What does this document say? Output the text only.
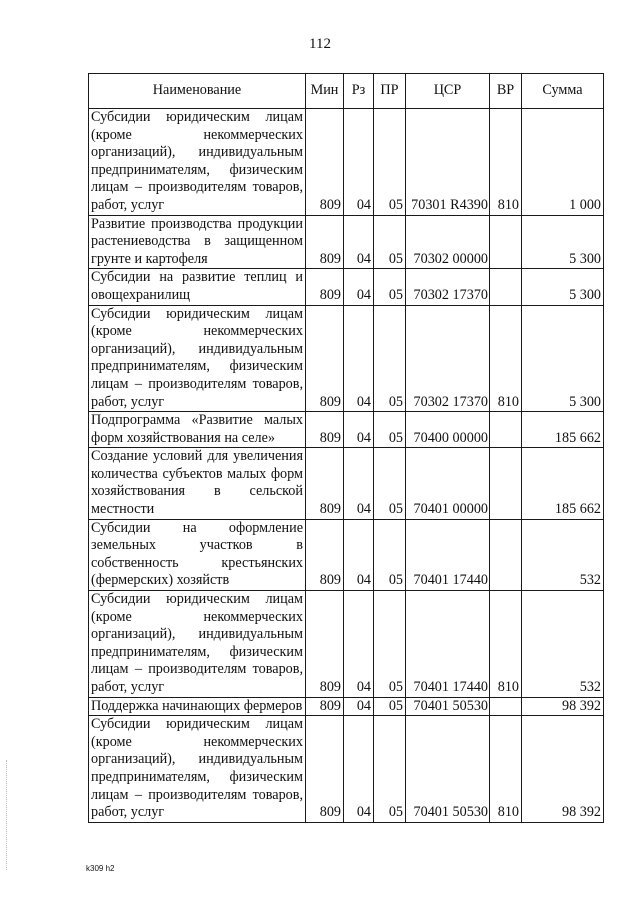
112
Наименование	Мин	Рз	ПР	ЦСР	ВР	Сумма
Субсидии юридическим лицам (кроме некоммерческих организаций), индивидуальным предпринимателям, физическим лицам – производителям товаров, работ, услуг	809	04	05	70301 R4390	810	1 000
Развитие производства продукции растениеводства в защищенном грунте и картофеля	809	04	05	70302 00000		5 300
Субсидии на развитие теплиц и овощехранилищ	809	04	05	70302 17370		5 300
Субсидии юридическим лицам (кроме некоммерческих организаций), индивидуальным предпринимателям, физическим лицам – производителям товаров, работ, услуг	809	04	05	70302 17370	810	5 300
Подпрограмма «Развитие малых форм хозяйствования на селе»	809	04	05	70400 00000		185 662
Создание условий для увеличения количества субъектов малых форм хозяйствования в сельской местности	809	04	05	70401 00000		185 662
Субсидии на оформление земельных участков в собственность крестьянских (фермерских) хозяйств	809	04	05	70401 17440		532
Субсидии юридическим лицам (кроме некоммерческих организаций), индивидуальным предпринимателям, физическим лицам – производителям товаров, работ, услуг	809	04	05	70401 17440	810	532
Поддержка начинающих фермеров	809	04	05	70401 50530		98 392
Субсидии юридическим лицам (кроме некоммерческих организаций), индивидуальным предпринимателям, физическим лицам – производителям товаров, работ, услуг	809	04	05	70401 50530	810	98 392
k309 h2
